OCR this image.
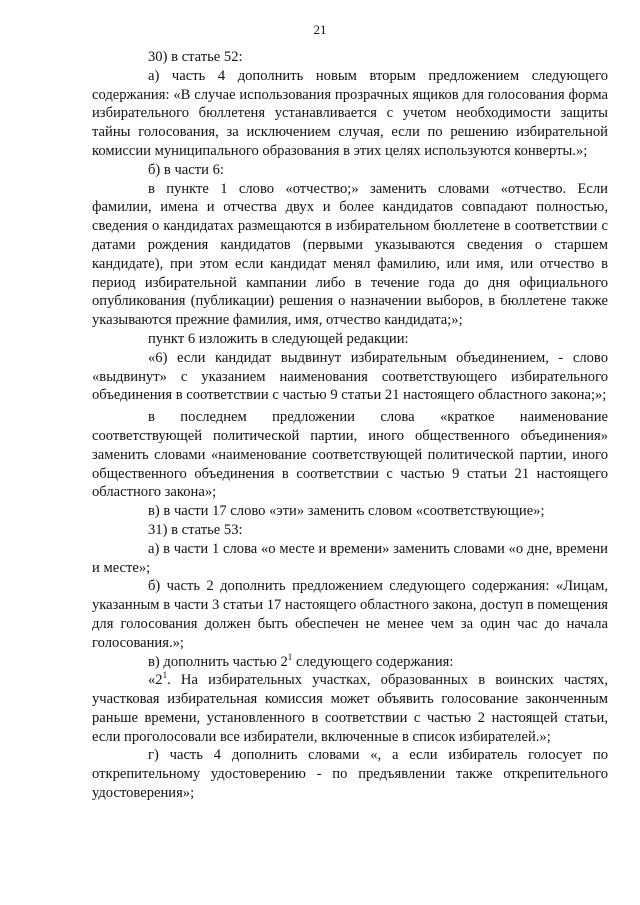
21

30) в статье 52:

а) часть 4 дополнить новым вторым предложением следующего содержания: «В случае использования прозрачных ящиков для голосования форма избирательного бюллетеня устанавливается с учетом необходимости защиты тайны голосования, за исключением случая, если по решению избирательной комиссии муниципального образования в этих целях используются конверты.»;

б) в части 6:

в пункте 1 слово «отчество;» заменить словами «отчество. Если фамилии, имена и отчества двух и более кандидатов совпадают полностью, сведения о кандидатах размещаются в избирательном бюллетене в соответствии с датами рождения кандидатов (первыми указываются сведения о старшем кандидате), при этом если кандидат менял фамилию, или имя, или отчество в период избирательной кампании либо в течение года до дня официального опубликования (публикации) решения о назначении выборов, в бюллетене также указываются прежние фамилия, имя, отчество кандидата;»;

пункт 6 изложить в следующей редакции:

«6) если кандидат выдвинут избирательным объединением, - слово «выдвинут» с указанием наименования соответствующего избирательного объединения в соответствии с частью 9 статьи 21 настоящего областного закона;»;

в последнем предложении слова «краткое наименование соответствующей политической партии, иного общественного объединения» заменить словами «наименование соответствующей политической партии, иного общественного объединения в соответствии с частью 9 статьи 21 настоящего областного закона»;

в) в части 17 слово «эти» заменить словом «соответствующие»;

31) в статье 53:

а) в части 1 слова «о месте и времени» заменить словами «о дне, времени и месте»;

б) часть 2 дополнить предложением следующего содержания: «Лицам, указанным в части 3 статьи 17 настоящего областного закона, доступ в помещения для голосования должен быть обеспечен не менее чем за один час до начала голосования.»;

в) дополнить частью $2^1$ следующего содержания:

«$2^1$. На избирательных участках, образованных в воинских частях, участковая избирательная комиссия может объявить голосование законченным раньше времени, установленного в соответствии с частью 2 настоящей статьи, если проголосовали все избиратели, включенные в список избирателей.»;

г) часть 4 дополнить словами «, а если избиратель голосует по открепительному удостоверению - по предъявлении также открепительного удостоверения»;
